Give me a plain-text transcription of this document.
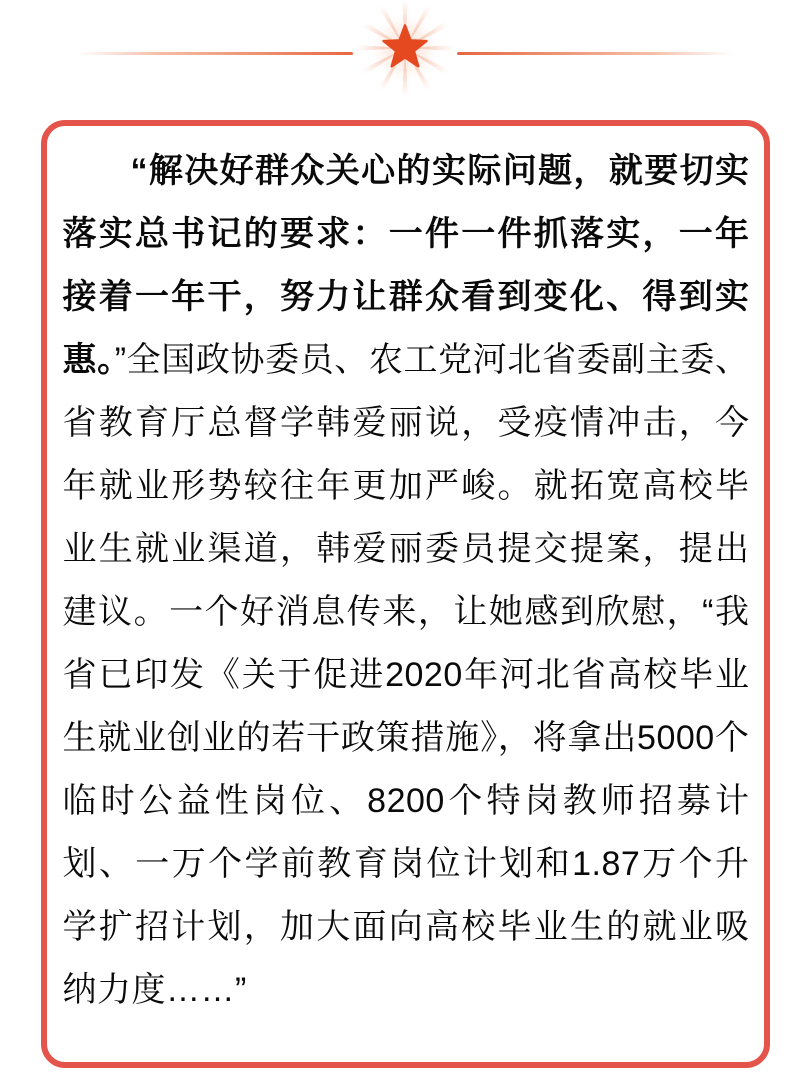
“解决好群众关心的实际问题，就要切实落实总书记的要求：一件一件抓落实，一年接着一年干，努力让群众看到变化、得到实惠。”全国政协委员、农工党河北省委副主委、省教育厅总督学韩爱丽说，受疫情冲击，今年就业形势较往年更加严峻。就拓宽高校毕业生就业渠道，韩爱丽委员提交提案，提出建议。一个好消息传来，让她感到欣慰，“我省已印发《关于促进2020年河北省高校毕业生就业创业的若干政策措施》，将拿出5000个临时公益性岗位、8200个特岗教师招募计划、一万个学前教育岗位计划和1.87万个升学扩招计划，加大面向高校毕业生的就业吸纳力度……”
